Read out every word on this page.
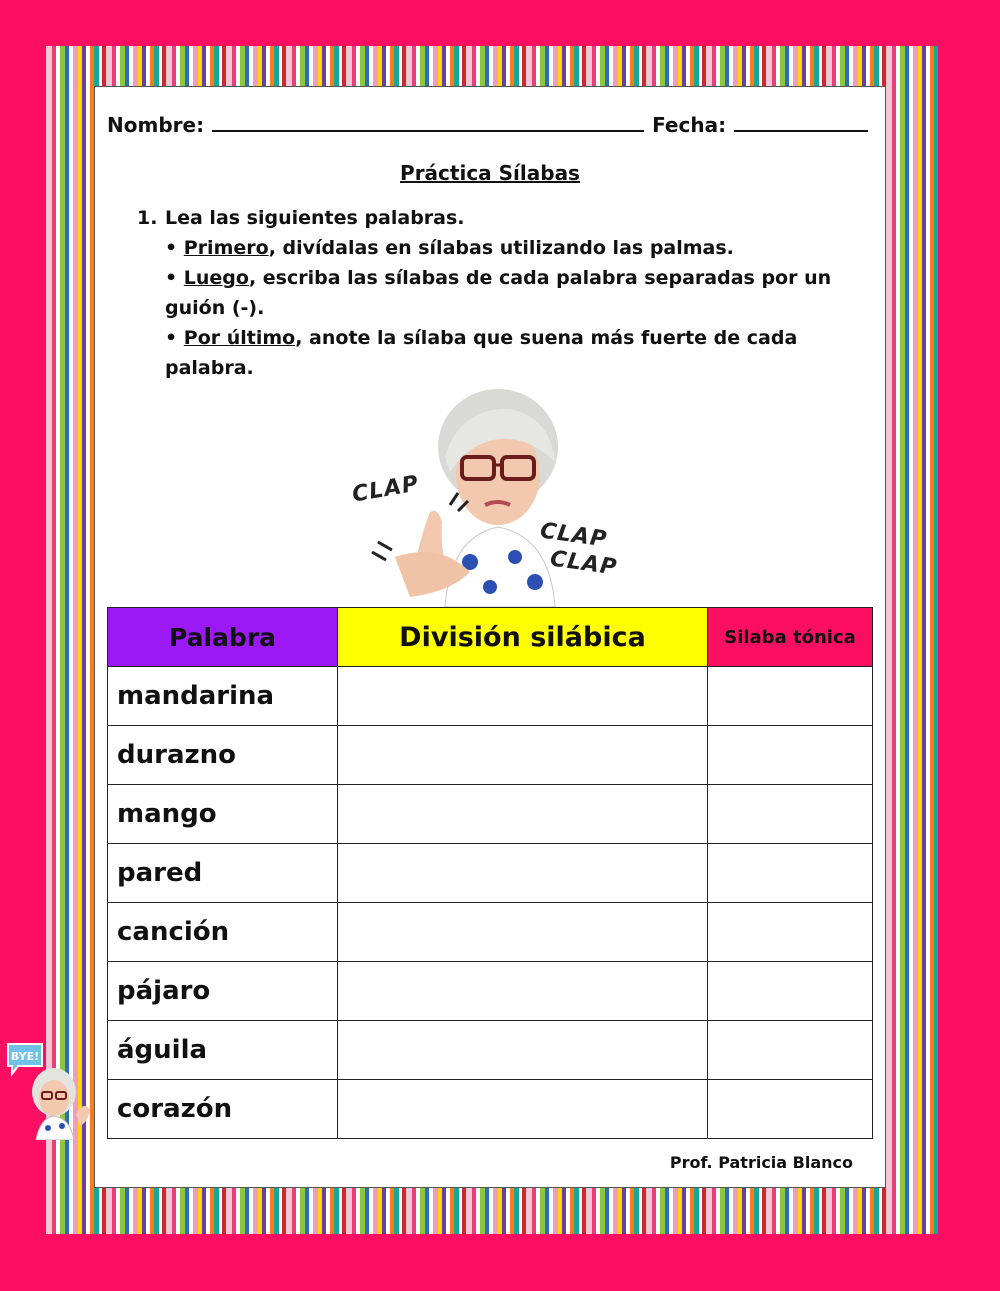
Nombre:	Fecha:
Práctica Sílabas
1. Lea las siguientes palabras.
• Primero, divídalas en sílabas utilizando las palmas.
• Luego, escriba las sílabas de cada palabra separadas por un guión (-).
• Por último, anote la sílaba que suena más fuerte de cada palabra.
CLAP
CLAP
CLAP
Palabra	División silábica	Silaba tónica
mandarina		
durazno		
mango		
pared		
canción		
pájaro		
águila		
corazón		
Prof. Patricia Blanco
BYE!
